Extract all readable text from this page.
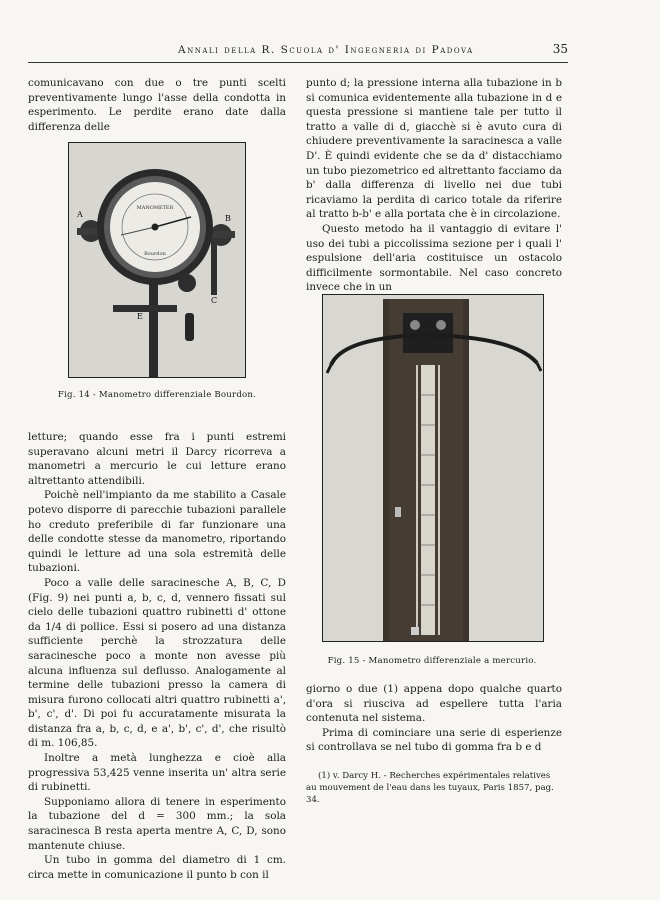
Annali della R. Scuola d' Ingegneria di Padova	35

comunicavano con due o tre punti scelti preventivamente lungo l'asse della condotta in esperimento. Le perdite erano date dalla differenza delle

MANOMETER
Bourdon
A	B
C
E
Fig. 14 - Manometro differenziale Bourdon.

letture; quando esse fra i punti estremi superavano alcuni metri il Darcy ricorreva a manometri a mercurio le cui letture erano altrettanto attendibili.

Poichè nell'impianto da me stabilito a Casale potevo disporre di parecchie tubazioni parallele ho creduto preferibile di far funzionare una delle condotte stesse da manometro, riportando quindi le letture ad una sola estremità delle tubazioni.

Poco a valle delle saracinesche A, B, C, D (Fig. 9) nei punti a, b, c, d, vennero fissati sul cielo delle tubazioni quattro rubinetti d' ottone da 1/4 di pollice. Essi si posero ad una distanza sufficiente perchè la strozzatura delle saracinesche poco a monte non avesse più alcuna influenza sul deflusso. Analogamente al termine delle tubazioni presso la camera di misura furono collocati altri quattro rubinetti a', b', c', d'. Di poi fu accuratamente misurata la distanza fra a, b, c, d, e a', b', c', d', che risultò di m. 106,85.

Inoltre a metà lunghezza e cioè alla progressiva 53,425 venne inserita un' altra serie di rubinetti.

Supponiamo allora di tenere in esperimento la tubazione del d = 300 mm.; la sola saracinesca B resta aperta mentre A, C, D, sono mantenute chiuse.

Un tubo in gomma del diametro di 1 cm. circa mette in comunicazione il punto b con il

punto d; la pressione interna alla tubazione in b si comunica evidentemente alla tubazione in d e questa pressione si mantiene tale per tutto il tratto a valle di d, giacchè si è avuto cura di chiudere preventivamente la saracinesca a valle D'. È quindi evidente che se da d' distacchiamo un tubo piezometrico ed altrettanto facciamo da b' dalla differenza di livello nei due tubi ricaviamo la perdita di carico totale da riferire al tratto b-b' e alla portata che è in circolazione.

Questo metodo ha il vantaggio di evitare l' uso dei tubi a piccolissima sezione per i quali l' espulsione dell'aria costituisce un ostacolo difficilmente sormontabile. Nel caso concreto invece che in un

Fig. 15 - Manometro differenziale a mercurio.

giorno o due (1) appena dopo qualche quarto d'ora si riusciva ad espellere tutta l'aria contenuta nel sistema.

Prima di cominciare una serie di esperienze si controllava se nel tubo di gomma fra b e d

(1) v. Darcy H. - Recherches expérimentales relatives au mouvement de l'eau dans les tuyaux, Paris 1857, pag. 34.
